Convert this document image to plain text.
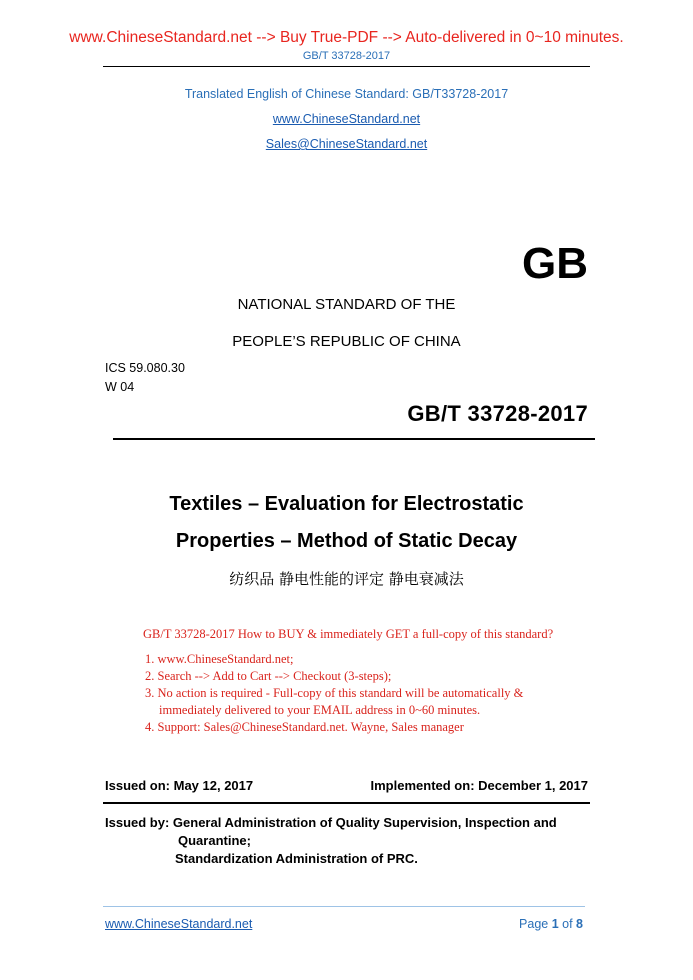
www.ChineseStandard.net --> Buy True-PDF --> Auto-delivered in 0~10 minutes.
GB/T 33728-2017
Translated English of Chinese Standard: GB/T33728-2017
www.ChineseStandard.net
Sales@ChineseStandard.net
GB
NATIONAL STANDARD OF THE
PEOPLE’S REPUBLIC OF CHINA
ICS 59.080.30
W 04
GB/T 33728-2017
Textiles – Evaluation for Electrostatic
Properties – Method of Static Decay
纺织品 静电性能的评定 静电衰减法
GB/T 33728-2017 How to BUY & immediately GET a full-copy of this standard?
1. www.ChineseStandard.net;
2. Search --> Add to Cart --> Checkout (3-steps);
3. No action is required - Full-copy of this standard will be automatically &
immediately delivered to your EMAIL address in 0~60 minutes.
4. Support: Sales@ChineseStandard.net. Wayne, Sales manager
Issued on: May 12, 2017	Implemented on: December 1, 2017
Issued by: General Administration of Quality Supervision, Inspection and
Quarantine;
Standardization Administration of PRC.
www.ChineseStandard.net	Page 1 of 8
